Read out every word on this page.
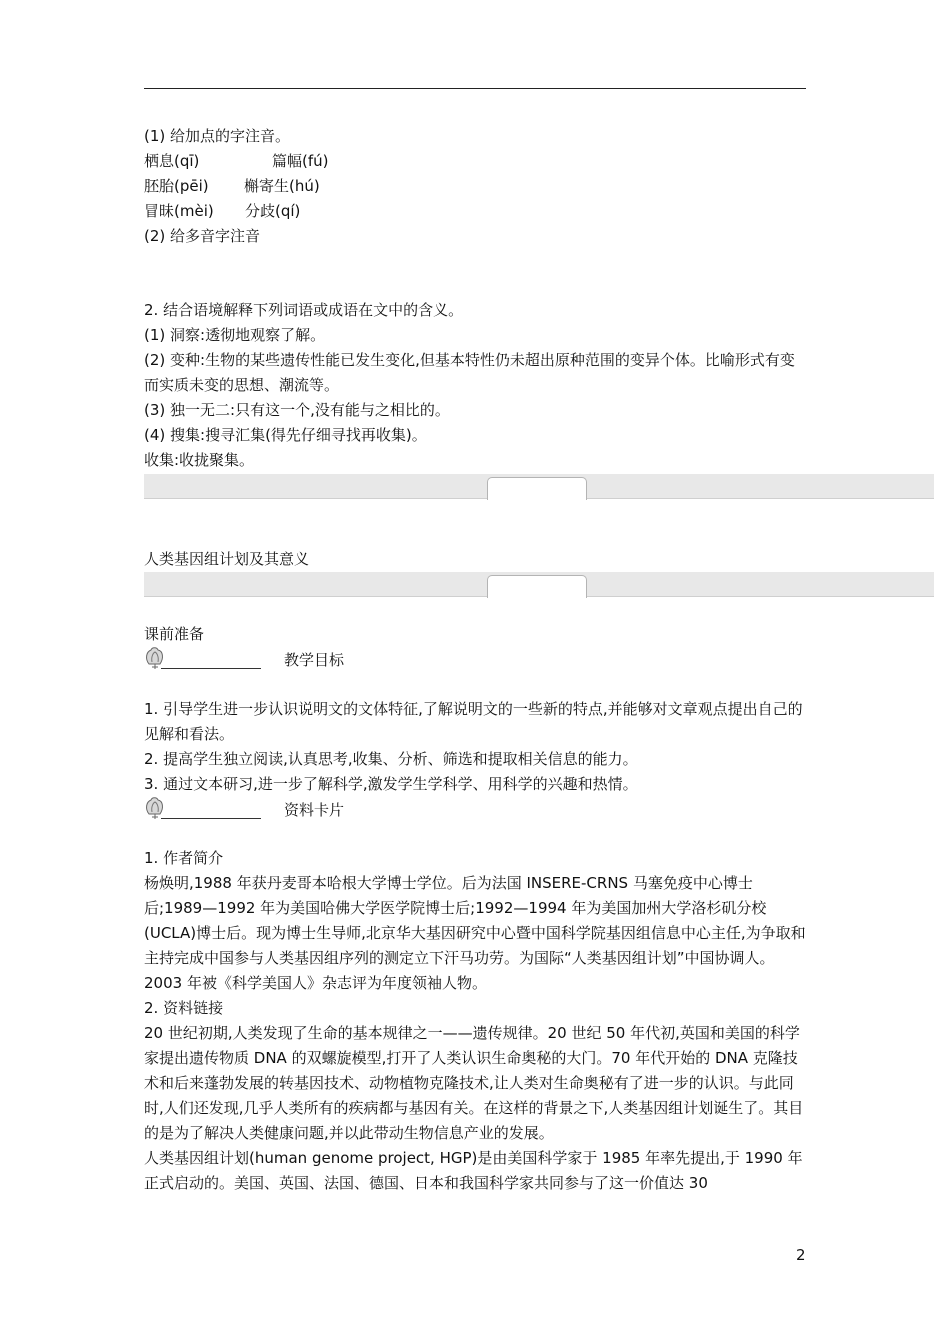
(1) 给加点的字注音。

栖息(qī)	篇幅(fú)

胚胎(pēi) 槲寄生(hú)

冒昧(mèi) 分歧(qí)

(2) 给多音字注音

2. 结合语境解释下列词语或成语在文中的含义。

(1) 洞察:透彻地观察了解。

(2) 变种:生物的某些遗传性能已发生变化,但基本特性仍未超出原种范围的变异个体。比喻形式有变而实质未变的思想、潮流等。

(3) 独一无二:只有这一个,没有能与之相比的。

(4) 搜集:搜寻汇集(得先仔细寻找再收集)。

收集:收拢聚集。

人类基因组计划及其意义
课前准备
教学目标

1. 引导学生进一步认识说明文的文体特征,了解说明文的一些新的特点,并能够对文章观点提出自己的见解和看法。

2. 提高学生独立阅读,认真思考,收集、分析、筛选和提取相关信息的能力。

3. 通过文本研习,进一步了解科学,激发学生学科学、用科学的兴趣和热情。

资料卡片

1. 作者简介

杨焕明,1988 年获丹麦哥本哈根大学博士学位。后为法国 INSERE-CRNS 马塞免疫中心博士后;1989—1992 年为美国哈佛大学医学院博士后;1992—1994 年为美国加州大学洛杉矶分校(UCLA)博士后。现为博士生导师,北京华大基因研究中心暨中国科学院基因组信息中心主任,为争取和主持完成中国参与人类基因组序列的测定立下汗马功劳。为国际“人类基因组计划”中国协调人。2003 年被《科学美国人》杂志评为年度领袖人物。

2. 资料链接

20 世纪初期,人类发现了生命的基本规律之一——遗传规律。20 世纪 50 年代初,英国和美国的科学家提出遗传物质 DNA 的双螺旋模型,打开了人类认识生命奥秘的大门。70 年代开始的 DNA 克隆技术和后来蓬勃发展的转基因技术、动物植物克隆技术,让人类对生命奥秘有了进一步的认识。与此同时,人们还发现,几乎人类所有的疾病都与基因有关。在这样的背景之下,人类基因组计划诞生了。其目的是为了解决人类健康问题,并以此带动生物信息产业的发展。

人类基因组计划(human genome project, HGP)是由美国科学家于 1985 年率先提出,于 1990 年正式启动的。美国、英国、法国、德国、日本和我国科学家共同参与了这一价值达 30

2
